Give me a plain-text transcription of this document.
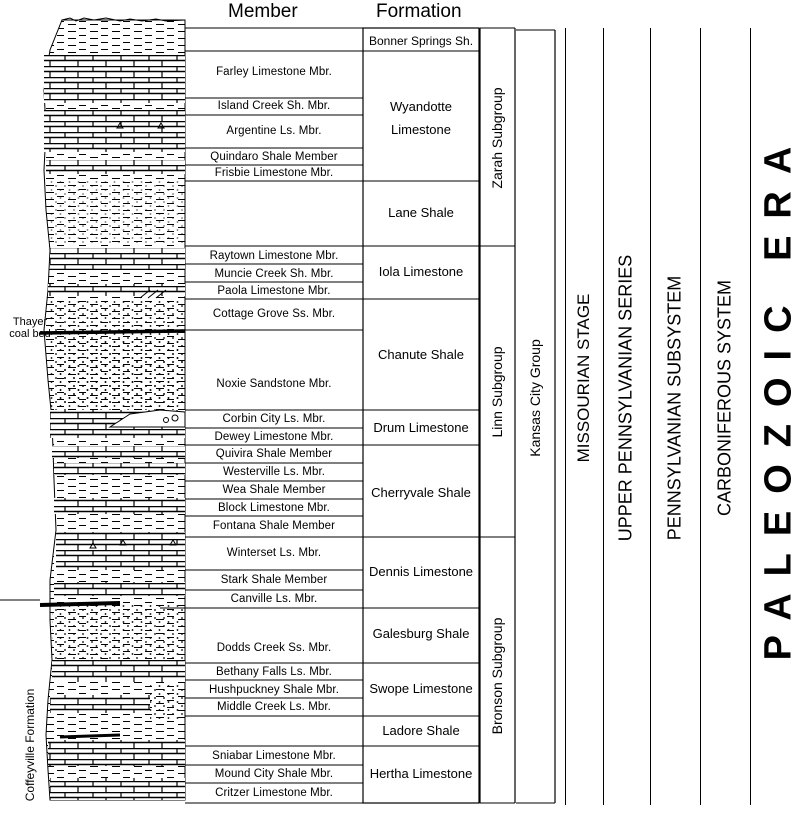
Member	Formation
Farley Limestone Mbr.
Island Creek Sh. Mbr.
Argentine Ls. Mbr.
Quindaro Shale Member
Frisbie Limestone Mbr.
Raytown Limestone Mbr.
Muncie Creek Sh. Mbr.
Paola Limestone Mbr.
Cottage Grove Ss. Mbr.
Noxie Sandstone Mbr.
Corbin City Ls. Mbr.
Dewey Limestone Mbr.
Quivira Shale Member
Westerville Ls. Mbr.
Wea Shale Member
Block Limestone Mbr.
Fontana Shale Member
Winterset Ls. Mbr.
Stark Shale Member
Canville Ls. Mbr.
Dodds Creek Ss. Mbr.
Bethany Falls Ls. Mbr.
Hushpuckney Shale Mbr.
Middle Creek Ls. Mbr.
Sniabar Limestone Mbr.
Mound City Shale Mbr.
Critzer Limestone Mbr.
Bonner Springs Sh.
Wyandotte
Limestone
Lane Shale
Iola Limestone
Chanute Shale
Drum Limestone
Cherryvale Shale
Dennis Limestone
Galesburg Shale
Swope Limestone
Ladore Shale
Hertha Limestone
Zarah Subgroup
Linn Subgroup
Bronson Subgroup
Kansas City Group MISSOURIAN STAGE UPPER PENNSYLVANIAN SERIES PENNSYLVANIAN SUBSYSTEM CARBONIFEROUS SYSTEM PALEOZOIC ERA
Thayer
coal bed
Coffeyville Formation
